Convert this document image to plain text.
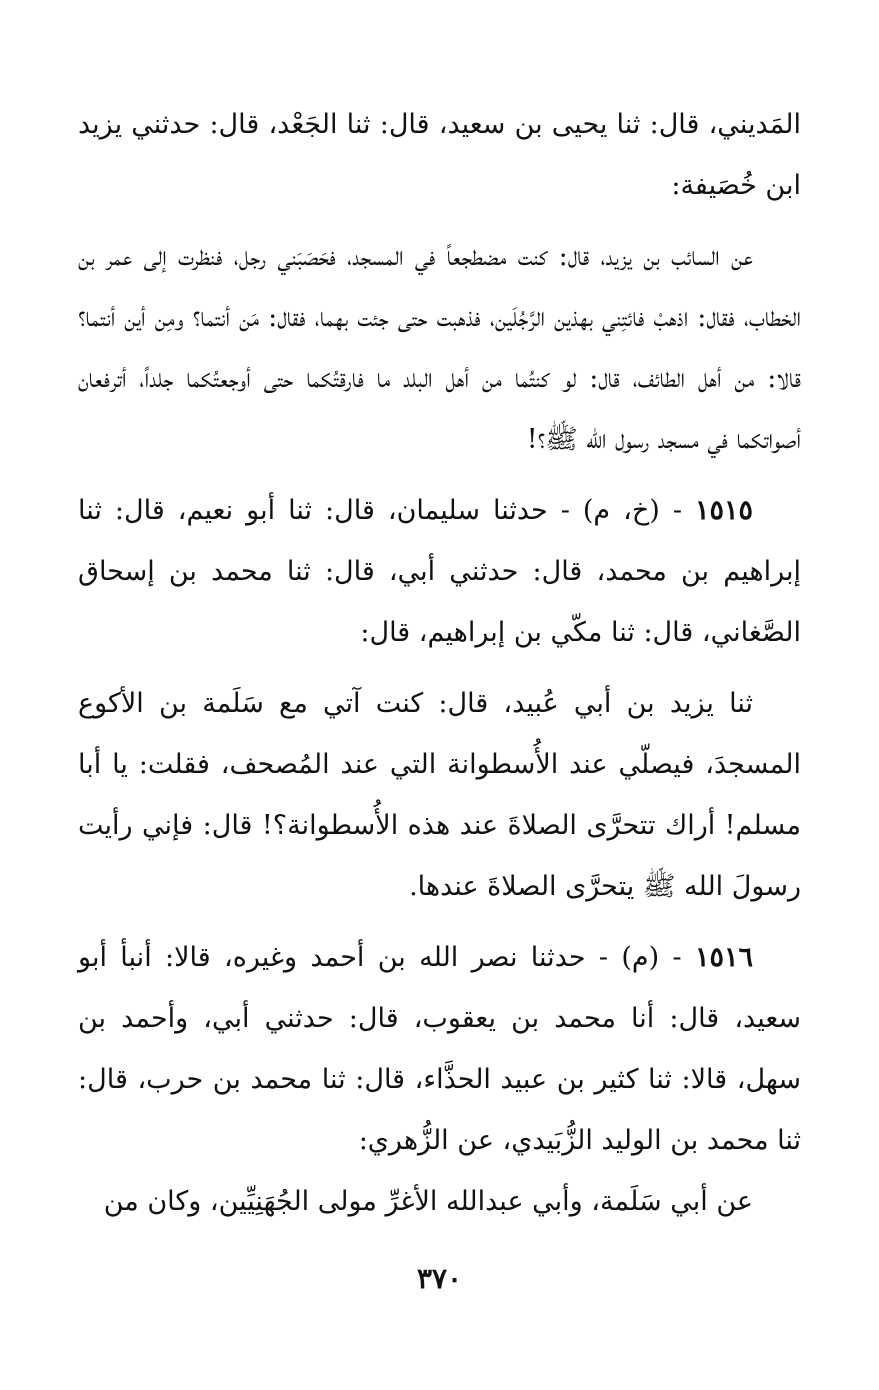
المَديني، قال: ثنا يحيى بن سعيد، قال: ثنا الجَعْد، قال: حدثني يزيد ابن خُصَيفة:

عن السائب بن يزيد، قال: كنت مضطجعاً في المسجد، فحَصَبَني رجل، فنظرت إلى عمر بن الخطاب، فقال: اذهبْ فائتِني بهذين الرَّجُلَين، فذهبت حتى جئت بهما، فقال: مَن أنتما؟ ومِن أين أنتما؟ قالا: من أهل الطائف، قال: لو كنتُما من أهل البلد ما فارقتُكما حتى أوجعتُكما جلداً، أترفعان أصواتكما في مسجد رسول الله ﷺ؟!

١٥١٥ - (خ، م) - حدثنا سليمان، قال: ثنا أبو نعيم، قال: ثنا إبراهيم بن محمد، قال: حدثني أبي، قال: ثنا محمد بن إسحاق الصَّغاني، قال: ثنا مكّي بن إبراهيم، قال:

ثنا يزيد بن أبي عُبيد، قال: كنت آتي مع سَلَمة بن الأكوع المسجدَ، فيصلّي عند الأُسطوانة التي عند المُصحف، فقلت: يا أبا مسلم! أراك تتحرَّى الصلاةَ عند هذه الأُسطوانة؟! قال: فإني رأيت رسولَ الله ﷺ يتحرَّى الصلاةَ عندها.

١٥١٦ - (م) - حدثنا نصر الله بن أحمد وغيره، قالا: أنبأ أبو سعيد، قال: أنا محمد بن يعقوب، قال: حدثني أبي، وأحمد بن سهل، قالا: ثنا كثير بن عبيد الحذَّاء، قال: ثنا محمد بن حرب، قال: ثنا محمد بن الوليد الزُّبَيدي، عن الزُّهري:

عن أبي سَلَمة، وأبي عبدالله الأغرِّ مولى الجُهَنِيِّين، وكان من

٣٧٠
